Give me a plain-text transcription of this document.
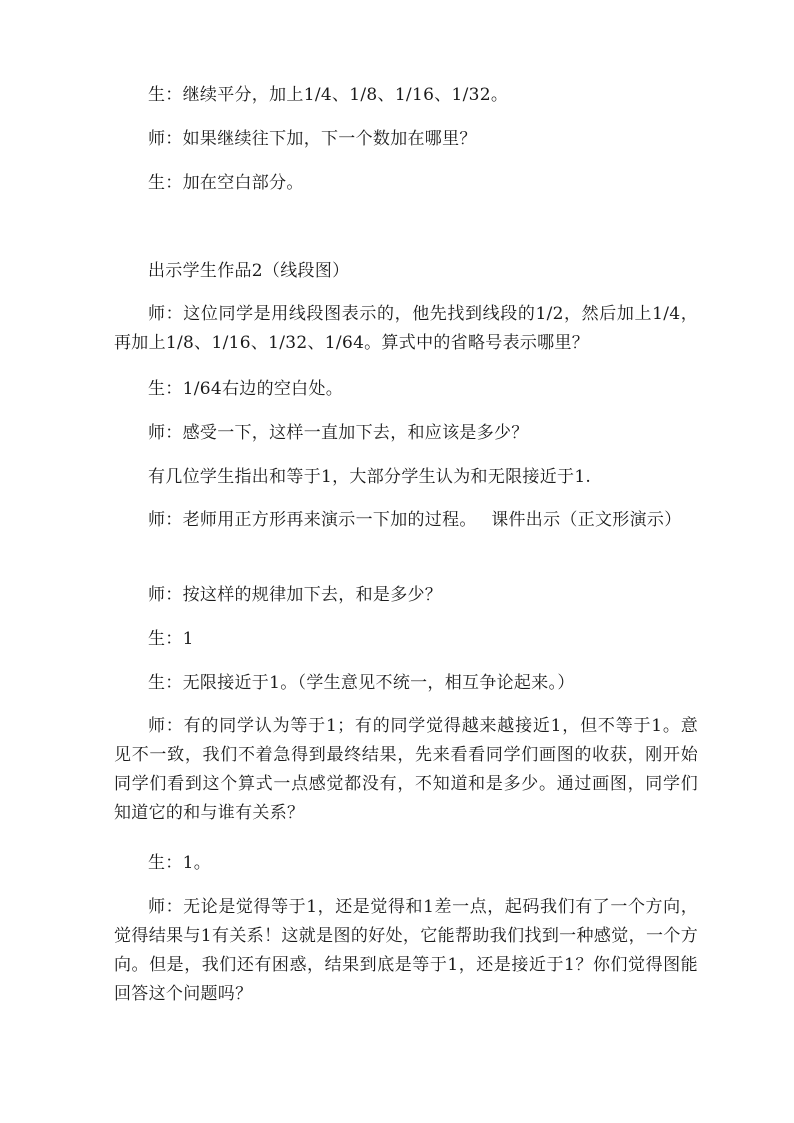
生：继续平分，加上1/4、1/8、1/16、1/32。
师：如果继续往下加，下一个数加在哪里？
生：加在空白部分。
出示学生作品2（线段图）
师：这位同学是用线段图表示的，他先找到线段的1/2，然后加上1/4，再加上1/8、1/16、1/32、1/64。算式中的省略号表示哪里？
生：1/64右边的空白处。
师：感受一下，这样一直加下去，和应该是多少？
有几位学生指出和等于1，大部分学生认为和无限接近于1.
师：老师用正方形再来演示一下加的过程。　 课件出示（正文形演示）
师：按这样的规律加下去，和是多少？
生：1
生：无限接近于1。（学生意见不统一，相互争论起来。）
师：有的同学认为等于1；有的同学觉得越来越接近1，但不等于1。意见不一致，我们不着急得到最终结果，先来看看同学们画图的收获，刚开始同学们看到这个算式一点感觉都没有，不知道和是多少。通过画图，同学们知道它的和与谁有关系？
生：1。
师：无论是觉得等于1，还是觉得和1差一点，起码我们有了一个方向，觉得结果与1有关系！这就是图的好处，它能帮助我们找到一种感觉，一个方向。但是，我们还有困惑，结果到底是等于1，还是接近于1？你们觉得图能回答这个问题吗？
